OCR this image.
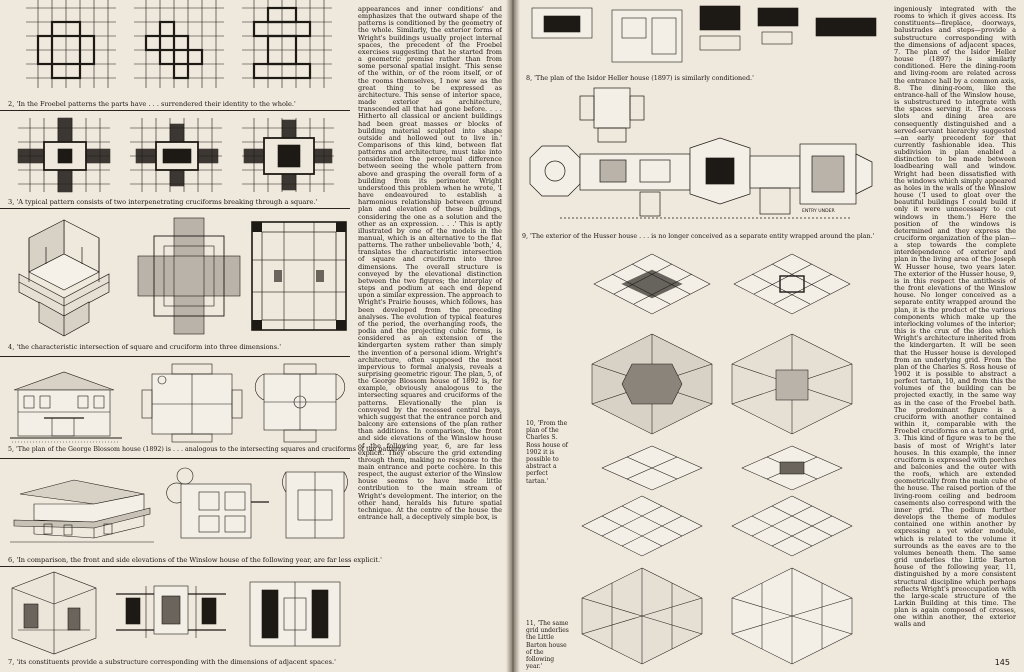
2, 'In the Froebel patterns the parts have . . . surrendered their identity to the whole.'
3, 'A typical pattern consists of two interpenetrating cruciforms breaking through a square.'
4, 'the characteristic intersection of square and cruciform into three dimensions.'
5, 'The plan of the George Blossom house (1892) is . . . analogous to the intersecting squares and cruciforms of the patterns.'
6, 'In comparison, the front and side elevations of the Winslow house of the following year, are far less explicit.'
7, 'its constituents provide a substructure corresponding with the dimensions of adjacent spaces.'

appearances and inner conditions' and emphasizes that the outward shape of the patterns is conditioned by the geometry of the whole. Similarly, the exterior forms of Wright's buildings usually project internal spaces, the precedent of the Froebel exercises suggesting that he started from a geometric premise rather than from some personal spatial insight. 'This sense of the within, or of the room itself, or of the rooms themselves, I now saw as the great thing to be expressed as architecture. This sense of interior space, made exterior as architecture, transcended all that had gone before. . . . Hitherto all classical or ancient buildings had been great masses or blocks of building material sculpted into shape outside and hollowed out to live in.' Comparisons of this kind, between flat patterns and architecture, must take into consideration the perceptual difference between seeing the whole pattern from above and grasping the overall form of a building from its perimeter. Wright understood this problem when he wrote, 'I have endeavoured to establish a harmonious relationship between ground plan and elevation of these buildings, considering the one as a solution and the other as an expression. . . .' This is aptly illustrated by one of the models in the manual, which is an alternative to the flat patterns. The rather unbelievable 'both,' 4, translates the characteristic intersection of square and cruciform into three dimensions. The overall structure is conveyed by the elevational distinction between the two figures; the interplay of steps and podium at each end depend upon a similar expression. The approach to Wright's Prairie houses, which follows, has been developed from the preceding analyses. The evolution of typical features of the period, the overhanging roofs, the podia and the projecting cubic forms, is considered as an extension of the kindergarten system rather than simply the invention of a personal idiom. Wright's architecture, often supposed the most impervious to formal analysis, reveals a surprising geometric rigour. The plan, 5, of the George Blossom house of 1892 is, for example, obviously analogous to the intersecting squares and cruciforms of the patterns. Elevationally the plan is conveyed by the recessed central bays, which suggest that the entrance porch and balcony are extensions of the plan rather than additions. In comparison, the front and side elevations of the Winslow house of the following year, 6, are far less explicit. They obscure the grid extending through them, making no response to the main entrance and porte cochère. In this respect, the august exterior of the Winslow house seems to have made little contribution to the main stream of Wright's development. The interior, on the other hand, heralds his future spatial technique. At the centre of the house the entrance hall, a deceptively simple box, is

8, 'The plan of the Isidor Heller house (1897) is similarly conditioned.'
ENTRY UNDER
9, 'The exterior of the Husser house . . . is no longer conceived as a separate entity wrapped around the plan.'
10, 'From the plan of the Charles S. Ross house of 1902 it is possible to abstract a perfect tartan.'
11, 'The same grid underlies the Little Barton house of the following year.'

ingeniously integrated with the rooms to which it gives access. Its constituents—fireplace, doorways, balustrades and steps—provide a substructure corresponding with the dimensions of adjacent spaces, 7. The plan of the Isidor Heller house (1897) is similarly conditioned. Here the dining-room and living-room are related across the entrance hall by a common axis, 8. The dining-room, like the entrance-hall of the Winslow house, is substructured to integrate with the spaces serving it. The access slots and dining area are consequently distinguished and a served-servant hierarchy suggested—an early precedent for that currently fashionable idea. This subdivision in plan enabled a distinction to be made between loadbearing wall and window. Wright had been dissatisfied with the windows which simply appeared as holes in the walls of the Winslow house ('I used to gloat over the beautiful buildings I could build if only it were unnecessary to cut windows in them.') Here the position of the windows is determined and they express the cruciform organization of the plan—a step towards the complete interdependence of exterior and plan in the living area of the Joseph W. Husser house, two years later. The exterior of the Husser house, 9, is in this respect the antithesis of the front elevations of the Winslow house. No longer conceived as a separate entity wrapped around the plan, it is the product of the various components which make up the interlocking volumes of the interior; this is the crux of the idea which Wright's architecture inherited from the kindergarten. It will be seen that the Husser house is developed from an underlying grid. From the plan of the Charles S. Ross house of 1902 it is possible to abstract a perfect tartan, 10, and from this the volumes of the building can be projected exactly, in the same way as in the case of the Froebel bath. The predominant figure is a cruciform with another contained within it, comparable with the Froebel cruciforms on a tartan grid, 3. This kind of figure was to be the basis of most of Wright's later houses. In this example, the inner cruciform is expressed with porches and balconies and the outer with the roofs, which are extended geometrically from the main cube of the house. The raised portion of the living-room ceiling and bedroom casements also correspond with the inner grid. The podium further develops the theme of modules contained one within another by expressing a yet wider module, which is related to the volume it surrounds as the eaves are to the volumes beneath them. The same grid underlies the Little Barton house of the following year, 11, distinguished by a more consistent structural discipline which perhaps reflects Wright's preoccupation with the large-scale structure of the Larkin Building at this time. The plan is again composed of crosses, one within another, the exterior walls and

145
